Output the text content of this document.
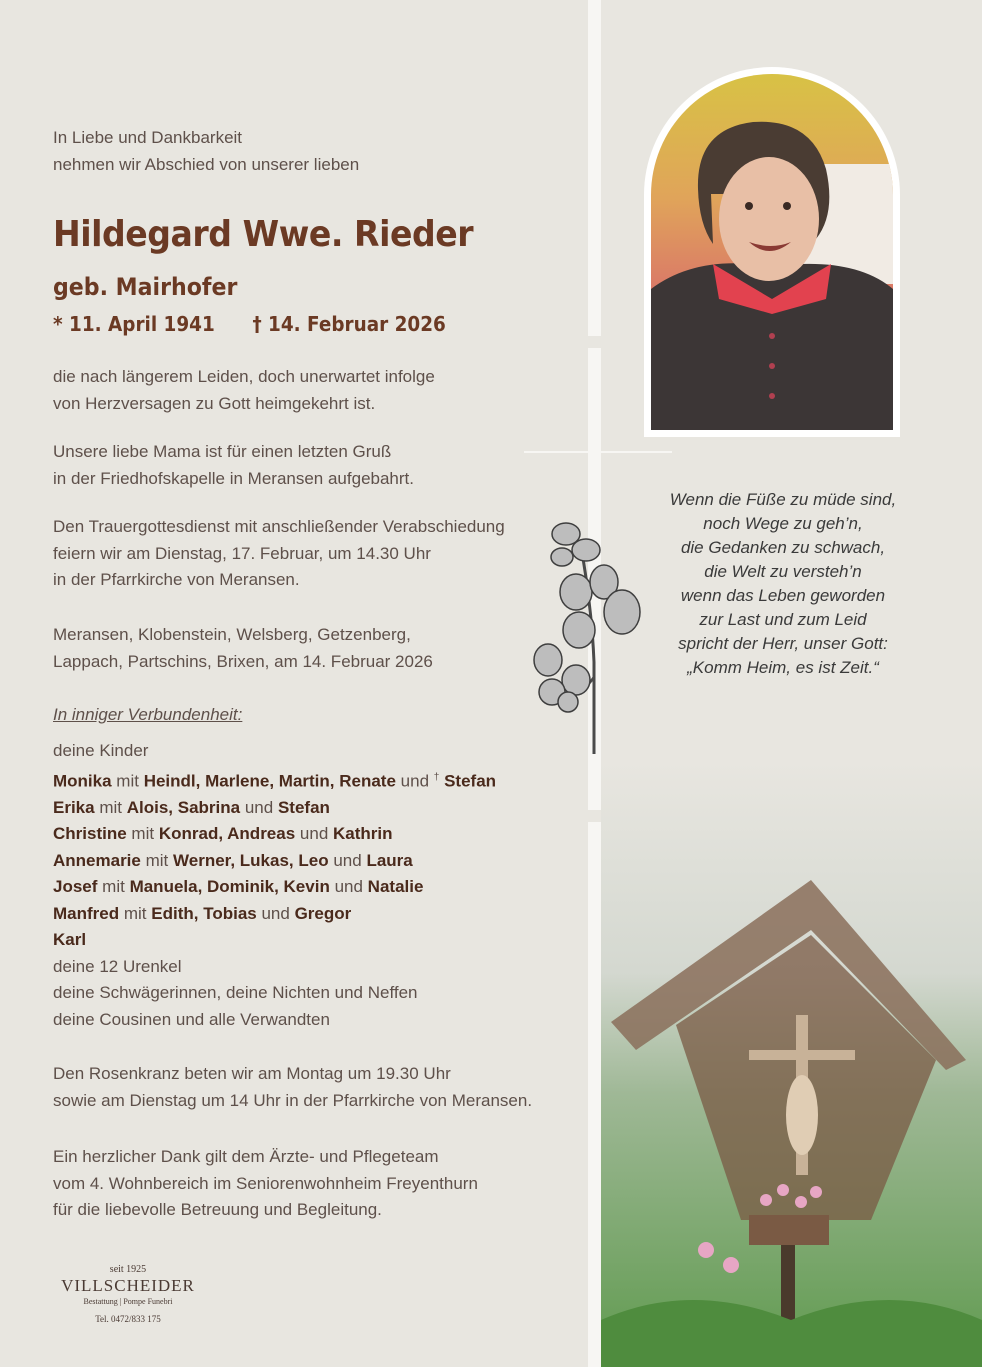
In Liebe und Dankbarkeit
nehmen wir Abschied von unserer lieben
Hildegard Wwe. Rieder
geb. Mairhofer
* 11. April 1941 † 14. Februar 2026
die nach längerem Leiden, doch unerwartet infolge
von Herzversagen zu Gott heimgekehrt ist.
Unsere liebe Mama ist für einen letzten Gruß
in der Friedhofskapelle in Meransen aufgebahrt.
Den Trauergottesdienst mit anschließender Verabschiedung
feiern wir am Dienstag, 17. Februar, um 14.30 Uhr
in der Pfarrkirche von Meransen.
Meransen, Klobenstein, Welsberg, Getzenberg,
Lappach, Partschins, Brixen, am 14. Februar 2026
In inniger Verbundenheit:
deine Kinder
Monika mit Heindl, Marlene, Martin, Renate und † Stefan
Erika mit Alois, Sabrina und Stefan
Christine mit Konrad, Andreas und Kathrin
Annemarie mit Werner, Lukas, Leo und Laura
Josef mit Manuela, Dominik, Kevin und Natalie
Manfred mit Edith, Tobias und Gregor
Karl
deine 12 Urenkel
deine Schwägerinnen, deine Nichten und Neffen
deine Cousinen und alle Verwandten
Den Rosenkranz beten wir am Montag um 19.30 Uhr
sowie am Dienstag um 14 Uhr in der Pfarrkirche von Meransen.
Ein herzlicher Dank gilt dem Ärzte- und Pflegeteam
vom 4. Wohnbereich im Seniorenwohnheim Freyenthurn
für die liebevolle Betreuung und Begleitung.
seit 1925
VILLSCHEIDER
Bestattung | Pompe Funebri
Tel. 0472/833 175
Wenn die Füße zu müde sind,
noch Wege zu geh’n,
die Gedanken zu schwach,
die Welt zu versteh’n
wenn das Leben geworden
zur Last und zum Leid
spricht der Herr, unser Gott:
„Komm Heim, es ist Zeit.“
